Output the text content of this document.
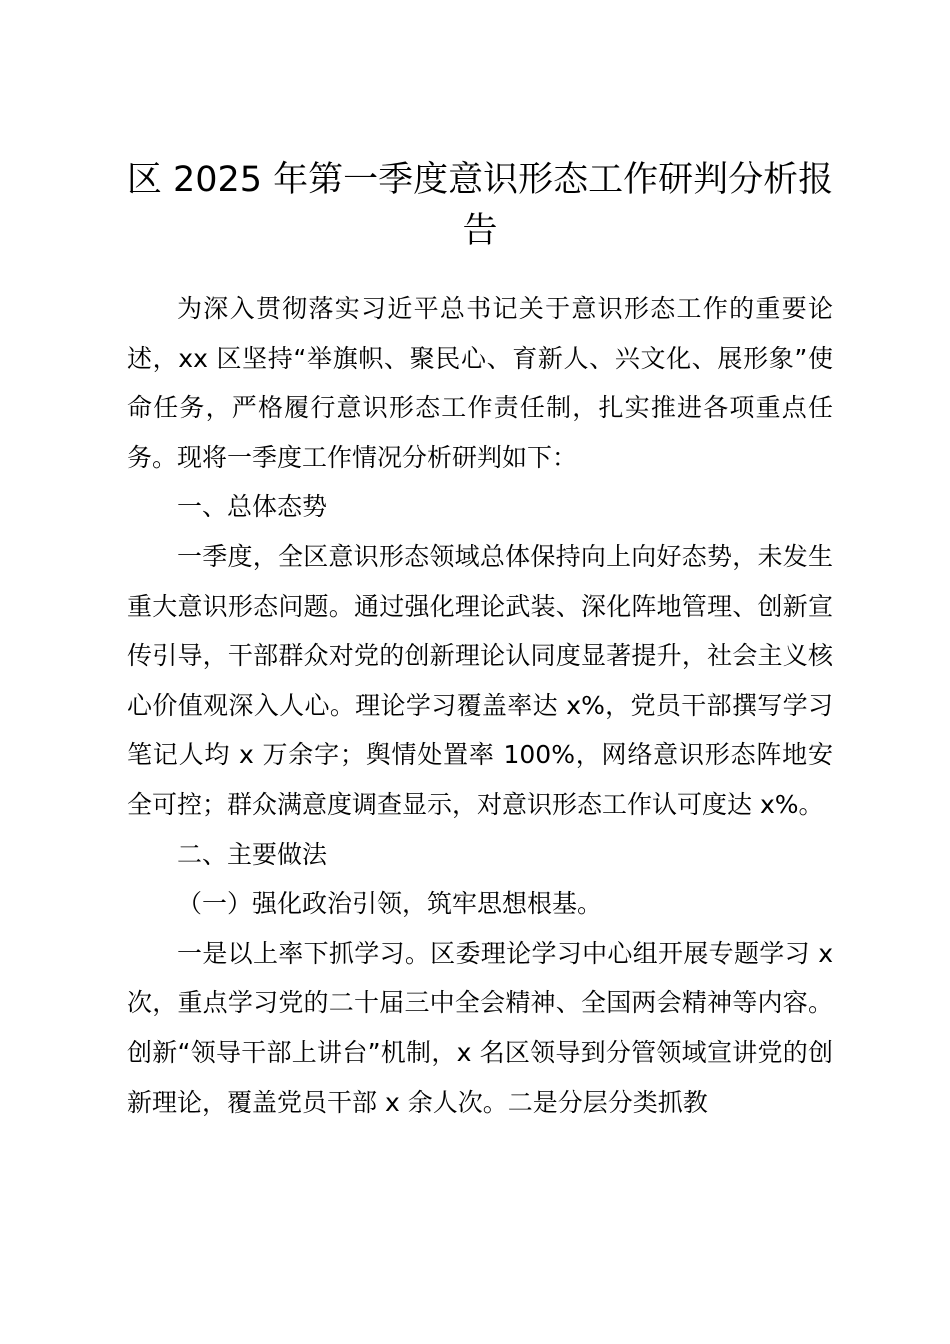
区 2025 年第一季度意识形态工作研判分析报告

为深入贯彻落实习近平总书记关于意识形态工作的重要论述，xx 区坚持“举旗帜、聚民心、育新人、兴文化、展形象”使命任务，严格履行意识形态工作责任制，扎实推进各项重点任务。现将一季度工作情况分析研判如下：

一、总体态势

一季度，全区意识形态领域总体保持向上向好态势，未发生重大意识形态问题。通过强化理论武装、深化阵地管理、创新宣传引导，干部群众对党的创新理论认同度显著提升，社会主义核心价值观深入人心。理论学习覆盖率达 x%，党员干部撰写学习笔记人均 x 万余字；舆情处置率 100%，网络意识形态阵地安全可控；群众满意度调查显示，对意识形态工作认可度达 x%。

二、主要做法

（一）强化政治引领，筑牢思想根基。

一是以上率下抓学习。区委理论学习中心组开展专题学习 x 次，重点学习党的二十届三中全会精神、全国两会精神等内容。创新“领导干部上讲台”机制，x 名区领导到分管领域宣讲党的创新理论，覆盖党员干部 x 余人次。二是分层分类抓教
